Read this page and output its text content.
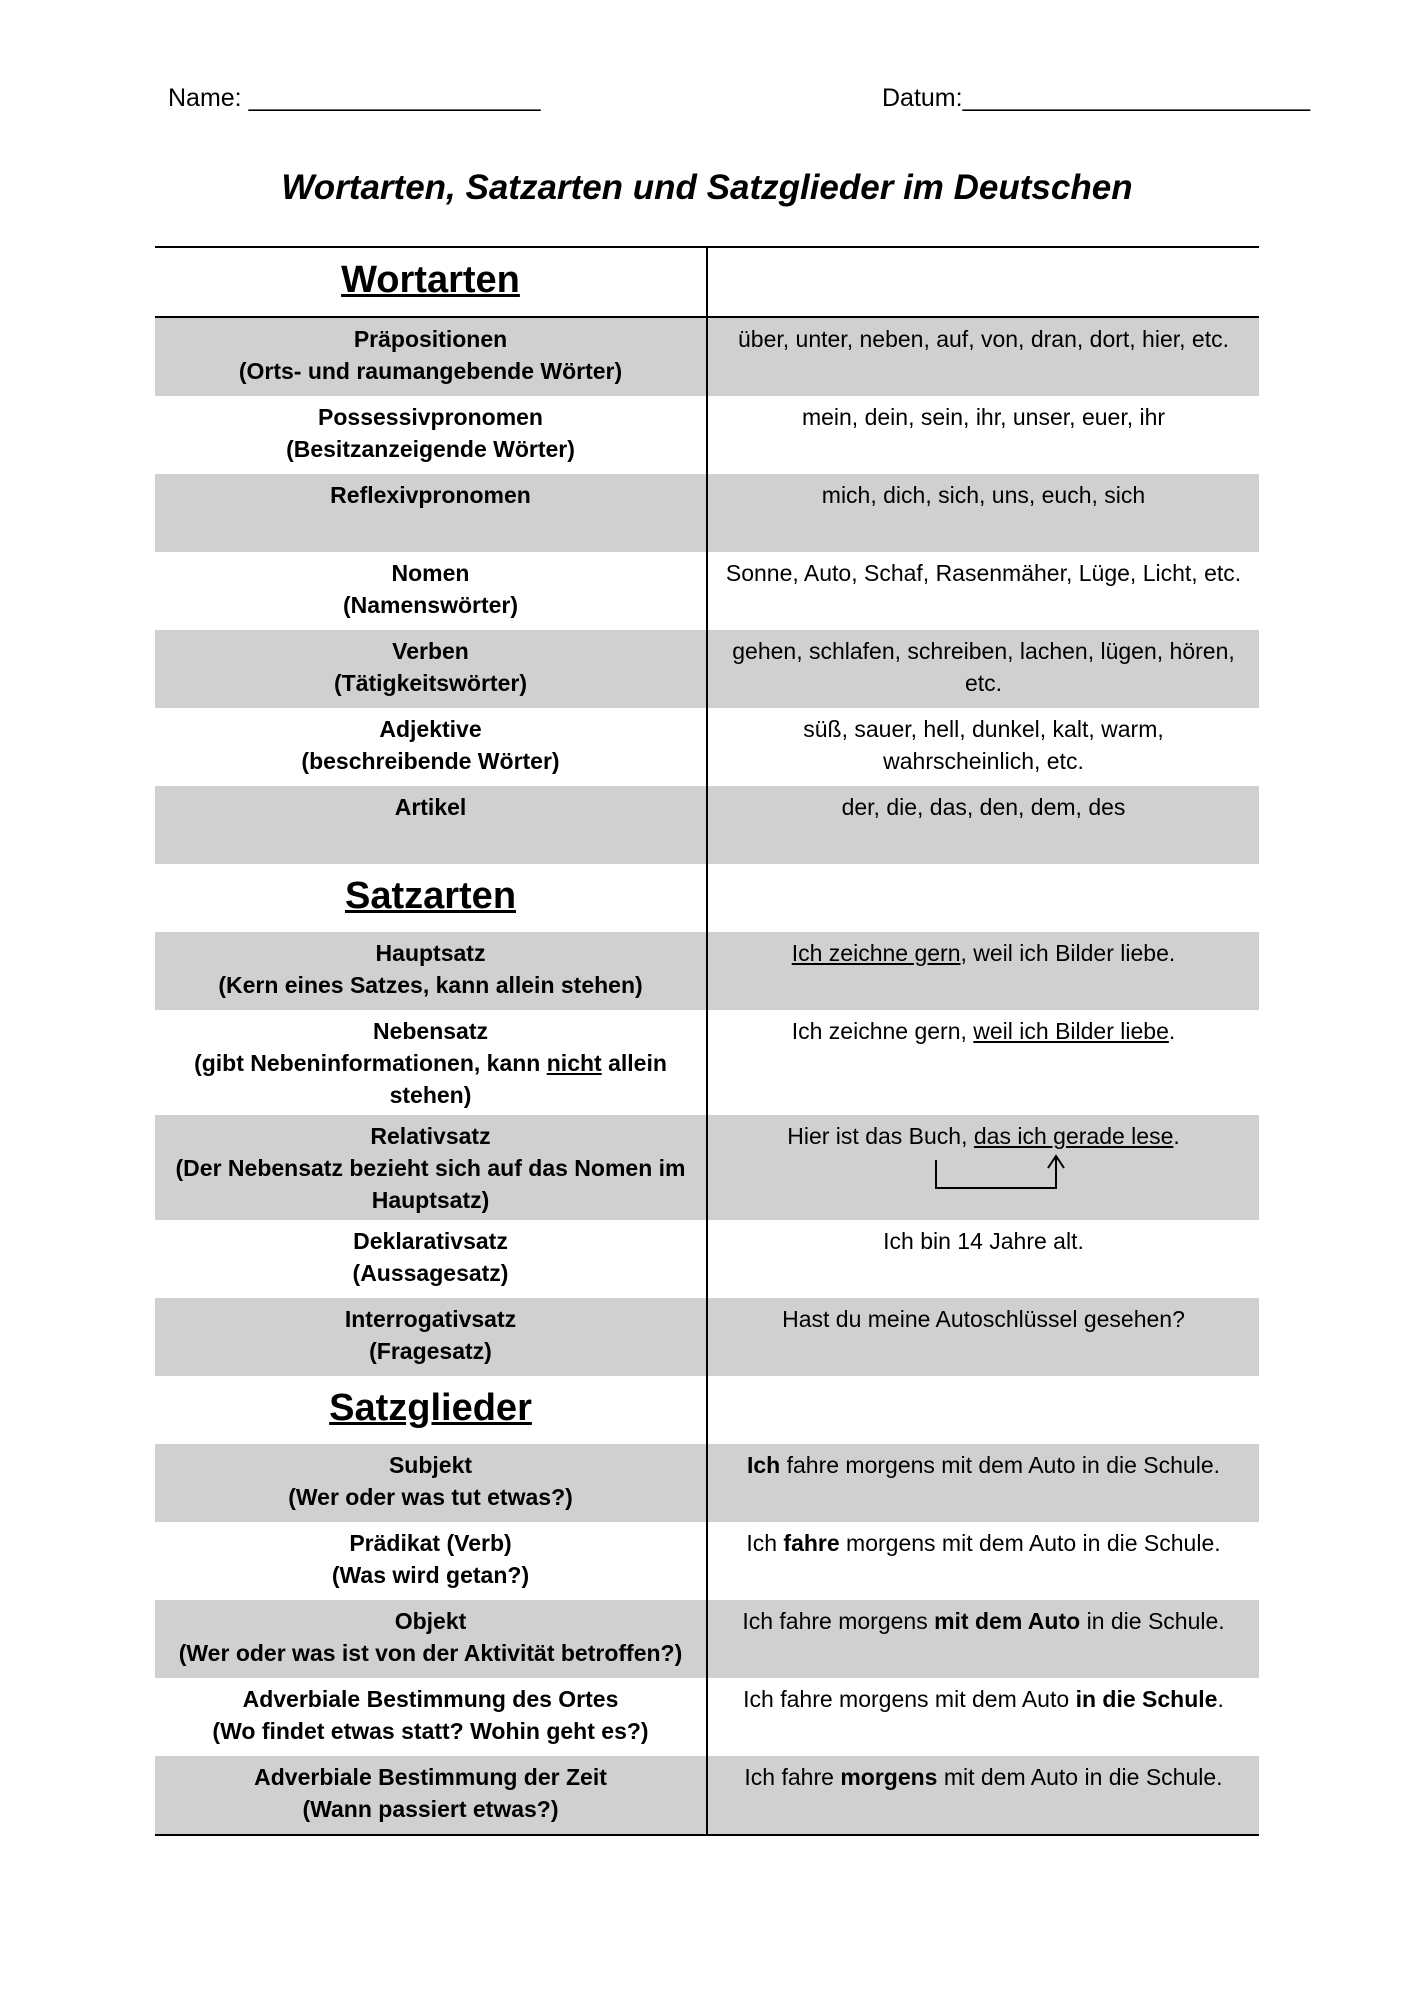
Name: _____________________	Datum:_________________________
Wortarten, Satzarten und Satzglieder im Deutschen
Wortarten	
Präpositionen
(Orts- und raumangebende Wörter)	über, unter, neben, auf, von, dran, dort, hier, etc.
Possessivpronomen
(Besitzanzeigende Wörter)	mein, dein, sein, ihr, unser, euer, ihr
Reflexivpronomen	mich, dich, sich, uns, euch, sich
Nomen
(Namenswörter)	Sonne, Auto, Schaf, Rasenmäher, Lüge, Licht, etc.
Verben
(Tätigkeitswörter)	gehen, schlafen, schreiben, lachen, lügen, hören, etc.
Adjektive
(beschreibende Wörter)	süß, sauer, hell, dunkel, kalt, warm, wahrscheinlich, etc.
Artikel	der, die, das, den, dem, des
Satzarten	
Hauptsatz
(Kern eines Satzes, kann allein stehen)	Ich zeichne gern, weil ich Bilder liebe.
Nebensatz
(gibt Nebeninformationen, kann nicht allein stehen)	Ich zeichne gern, weil ich Bilder liebe.
Relativsatz
(Der Nebensatz bezieht sich auf das Nomen im Hauptsatz)	Hier ist das Buch, das ich gerade lese.

Deklarativsatz
(Aussagesatz)	Ich bin 14 Jahre alt.
Interrogativsatz
(Fragesatz)	Hast du meine Autoschlüssel gesehen?
Satzglieder	
Subjekt
(Wer oder was tut etwas?)	Ich fahre morgens mit dem Auto in die Schule.
Prädikat (Verb)
(Was wird getan?)	Ich fahre morgens mit dem Auto in die Schule.
Objekt
(Wer oder was ist von der Aktivität betroffen?)	Ich fahre morgens mit dem Auto in die Schule.
Adverbiale Bestimmung des Ortes
(Wo findet etwas statt? Wohin geht es?)	Ich fahre morgens mit dem Auto in die Schule.
Adverbiale Bestimmung der Zeit
(Wann passiert etwas?)	Ich fahre morgens mit dem Auto in die Schule.
